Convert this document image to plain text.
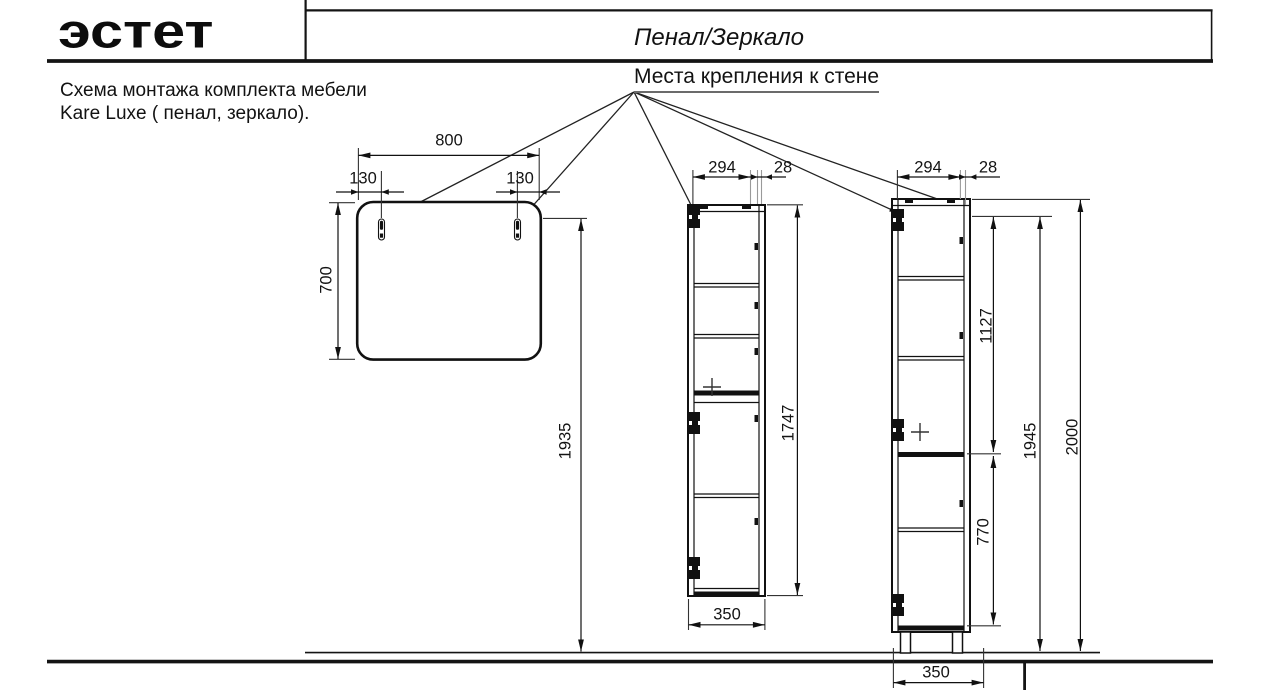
эстет	Пенал/Зеркало
Схема монтажа комплекта мебели
Kare Luxe ( пенал, зеркало).
Места крепления к стене
800
130	130
700
1935
294 28
1747
350
294 28
1127
770
1945 2000
350
